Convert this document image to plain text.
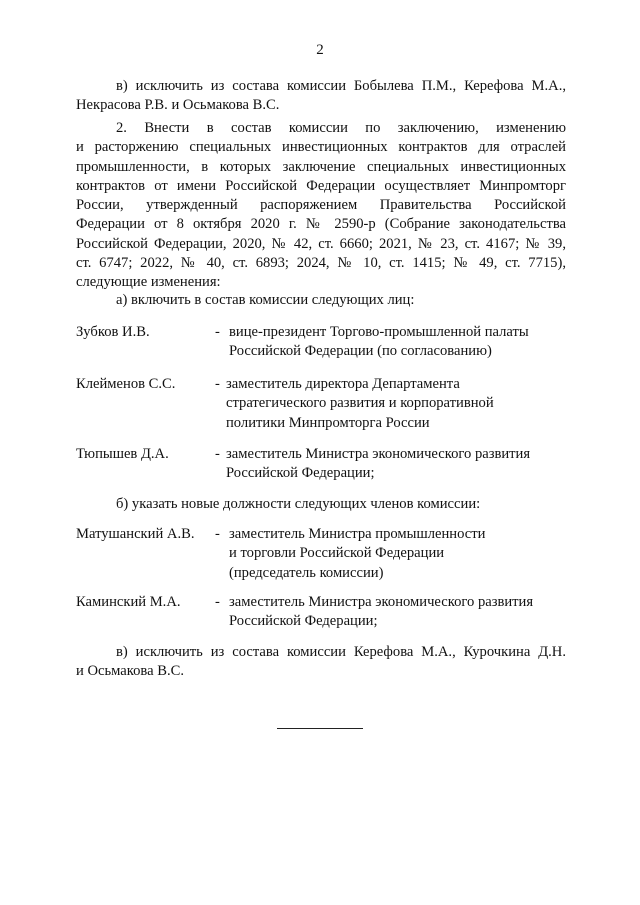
2
в) исключить из состава комиссии Бобылева П.М., Керефова М.А.,
Некрасова Р.В. и Осьмакова В.С.
2. Внести в состав комиссии по заключению, изменению
и расторжению специальных инвестиционных контрактов для отраслей
промышленности, в которых заключение специальных инвестиционных
контрактов от имени Российской Федерации осуществляет Минпромторг
России, утвержденный распоряжением Правительства Российской
Федерации от 8 октября 2020 г. № 2590-р (Собрание законодательства
Российской Федерации, 2020, № 42, ст. 6660; 2021, № 23, ст. 4167; № 39,
ст. 6747; 2022, № 40, ст. 6893; 2024, № 10, ст. 1415; № 49, ст. 7715),
следующие изменения:
а) включить в состав комиссии следующих лиц:
Зубков И.В.	- вице-президент Торгово-промышленной палаты
Российской Федерации (по согласованию)
Клейменов С.С.	- заместитель директора Департамента
стратегического развития и корпоративной
политики Минпромторга России
Тюпышев Д.А.	- заместитель Министра экономического развития
Российской Федерации;
б) указать новые должности следующих членов комиссии:
Матушанский А.В. - заместитель Министра промышленности
и торговли Российской Федерации
(председатель комиссии)
Каминский М.А. - заместитель Министра экономического развития
Российской Федерации;
в) исключить из состава комиссии Керефова М.А., Курочкина Д.Н.
и Осьмакова В.С.
